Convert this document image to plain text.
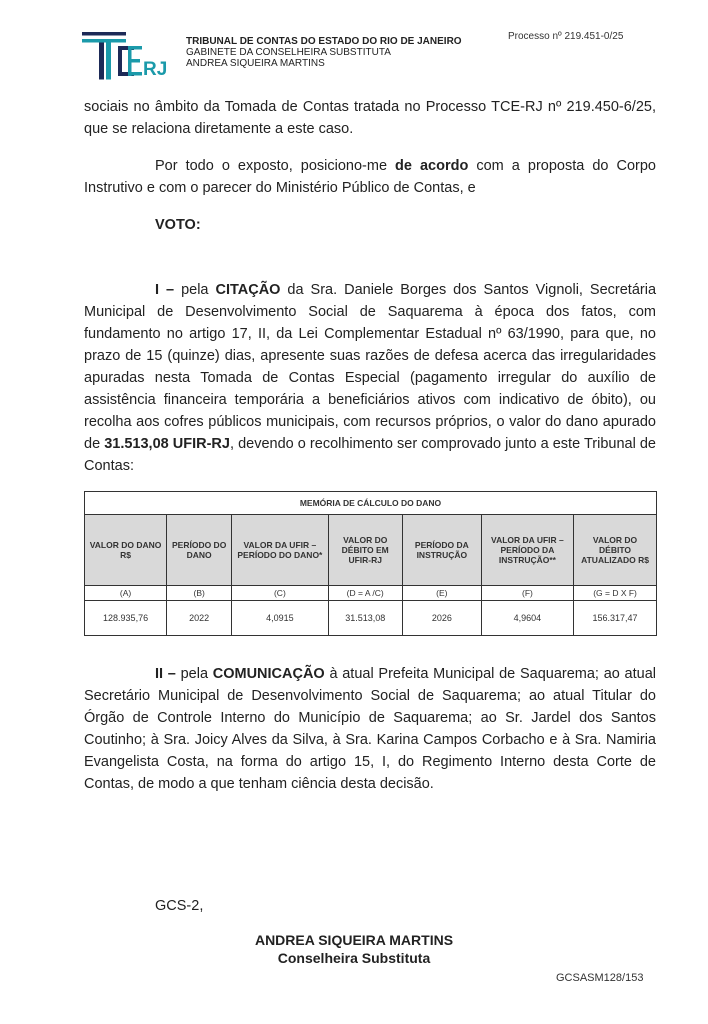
RJ
TRIBUNAL DE CONTAS DO ESTADO DO RIO DE JANEIRO
GABINETE DA CONSELHEIRA SUBSTITUTA
ANDREA SIQUEIRA MARTINS
Processo nº 219.451-0/25

sociais no âmbito da Tomada de Contas tratada no Processo TCE-RJ nº 219.450-6/25, que se relaciona diretamente a este caso.

Por todo o exposto, posiciono-me de acordo com a proposta do Corpo Instrutivo e com o parecer do Ministério Público de Contas, e

VOTO:

I – pela CITAÇÃO da Sra. Daniele Borges dos Santos Vignoli, Secretária Municipal de Desenvolvimento Social de Saquarema à época dos fatos, com fundamento no artigo 17, II, da Lei Complementar Estadual nº 63/1990, para que, no prazo de 15 (quinze) dias, apresente suas razões de defesa acerca das irregularidades apuradas nesta Tomada de Contas Especial (pagamento irregular do auxílio de assistência financeira temporária a beneficiários ativos com indicativo de óbito), ou recolha aos cofres públicos municipais, com recursos próprios, o valor do dano apurado de 31.513,08 UFIR-RJ, devendo o recolhimento ser comprovado junto a este Tribunal de Contas:

MEMÓRIA DE CÁLCULO DO DANO						
VALOR DO DANO R$	PERÍODO DO DANO	VALOR DA UFIR – PERÍODO DO DANO*	VALOR DO DÉBITO EM UFIR-RJ	PERÍODO DA INSTRUÇÃO	VALOR DA UFIR – PERÍODO DA INSTRUÇÃO**	VALOR DO DÉBITO ATUALIZADO R$
(A)	(B)	(C)	(D = A /C)	(E)	(F)	(G = D X F)
128.935,76	2022	4,0915	31.513,08	2026	4,9604	156.317,47

II – pela COMUNICAÇÃO à atual Prefeita Municipal de Saquarema; ao atual Secretário Municipal de Desenvolvimento Social de Saquarema; ao atual Titular do Órgão de Controle Interno do Município de Saquarema; ao Sr. Jardel dos Santos Coutinho; à Sra. Joicy Alves da Silva, à Sra. Karina Campos Corbacho e à Sra. Namiria Evangelista Costa, na forma do artigo 15, I, do Regimento Interno desta Corte de Contas, de modo a que tenham ciência desta decisão.

GCS-2,
ANDREA SIQUEIRA MARTINS
Conselheira Substituta
GCSASM128/153
